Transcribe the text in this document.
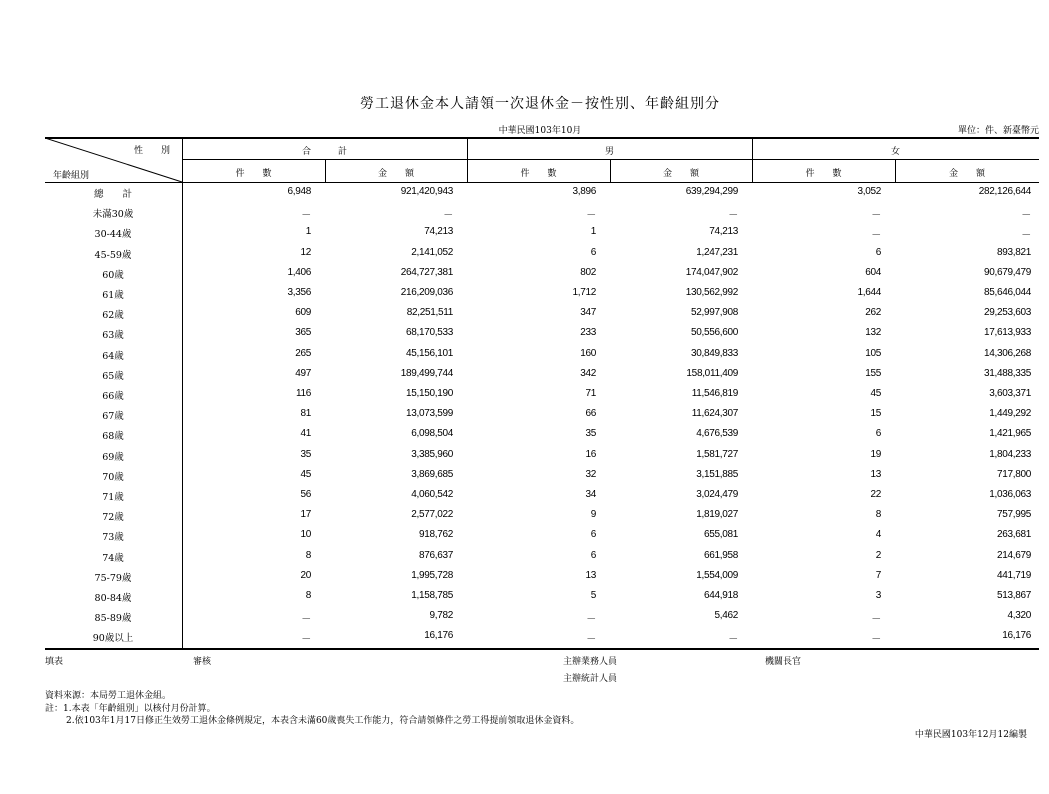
勞工退休金本人請領一次退休金－按性別、年齡組別分
中華民國103年10月	單位：件、新臺幣元
性　　別
年齡組別
合　　　計	男	女
件　　數	金　　額	件　　數	金　　額	件　　數	金　　額
總　　計	6,948	921,420,943	3,896	639,294,299	3,052	282,126,644
未滿30歲	－	－	－	－	－	－
30-44歲	1	74,213	1	74,213	－	－
45-59歲	12	2,141,052	6	1,247,231	6	893,821
60歲	1,406	264,727,381	802	174,047,902	604	90,679,479
61歲	3,356	216,209,036	1,712	130,562,992	1,644	85,646,044
62歲	609	82,251,511	347	52,997,908	262	29,253,603
63歲	365	68,170,533	233	50,556,600	132	17,613,933
64歲	265	45,156,101	160	30,849,833	105	14,306,268
65歲	497	189,499,744	342	158,011,409	155	31,488,335
66歲	116	15,150,190	71	11,546,819	45	3,603,371
67歲	81	13,073,599	66	11,624,307	15	1,449,292
68歲	41	6,098,504	35	4,676,539	6	1,421,965
69歲	35	3,385,960	16	1,581,727	19	1,804,233
70歲	45	3,869,685	32	3,151,885	13	717,800
71歲	56	4,060,542	34	3,024,479	22	1,036,063
72歲	17	2,577,022	9	1,819,027	8	757,995
73歲	10	918,762	6	655,081	4	263,681
74歲	8	876,637	6	661,958	2	214,679
75-79歲	20	1,995,728	13	1,554,009	7	441,719
80-84歲	8	1,158,785	5	644,918	3	513,867
85-89歲	－	9,782	－	5,462	－	4,320
90歲以上	－	16,176	－	－	－	16,176
填表	審核	主辦業務人員
主辦統計人員
機關長官
資料來源：本局勞工退休金組。
註：1.本表「年齡組別」以核付月份計算。
2.依103年1月17日修正生效勞工退休金條例規定，本表含未滿60歲喪失工作能力，符合請領條件之勞工得提前領取退休金資料。
中華民國103年12月12編製
